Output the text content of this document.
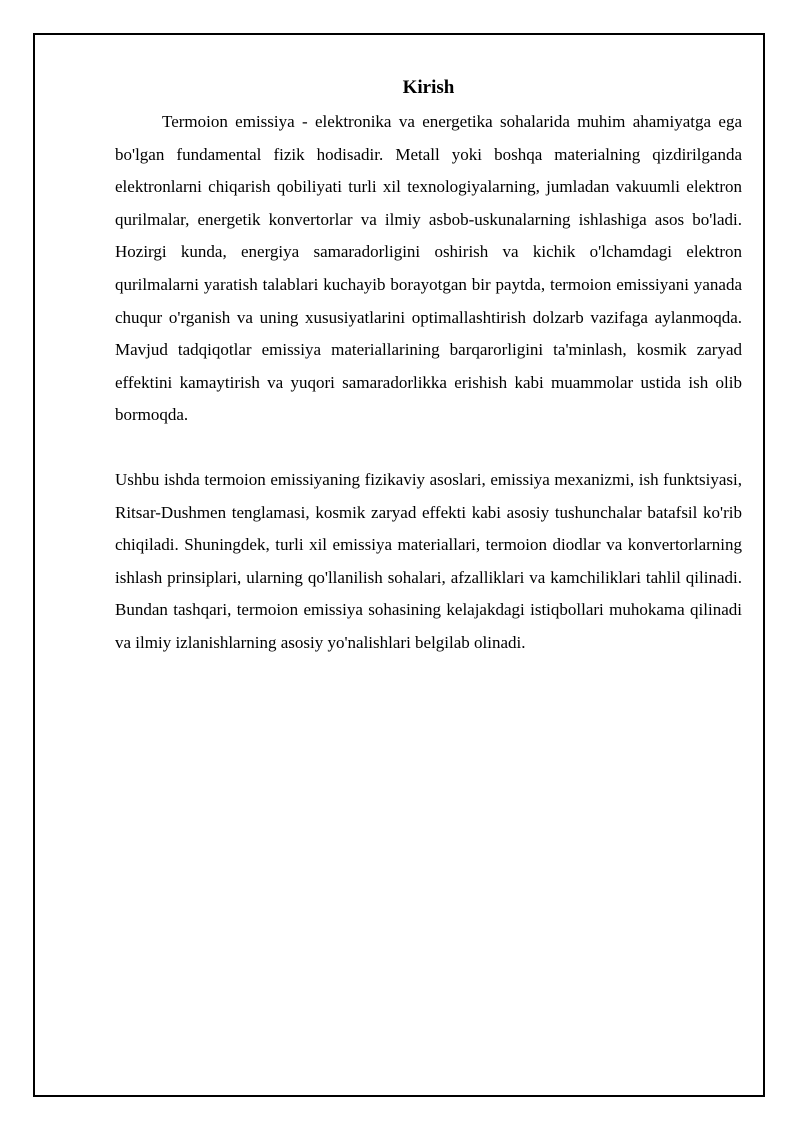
Kirish

Termoion emissiya - elektronika va energetika sohalarida muhim ahamiyatga ega bo'lgan fundamental fizik hodisadir. Metall yoki boshqa materialning qizdirilganda elektronlarni chiqarish qobiliyati turli xil texnologiyalarning, jumladan vakuumli elektron qurilmalar, energetik konvertorlar va ilmiy asbob-uskunalarning ishlashiga asos bo'ladi. Hozirgi kunda, energiya samaradorligini oshirish va kichik o'lchamdagi elektron qurilmalarni yaratish talablari kuchayib borayotgan bir paytda, termoion emissiyani yanada chuqur o'rganish va uning xususiyatlarini optimallashtirish dolzarb vazifaga aylanmoqda. Mavjud tadqiqotlar emissiya materiallarining barqarorligini ta'minlash, kosmik zaryad effektini kamaytirish va yuqori samaradorlikka erishish kabi muammolar ustida ish olib bormoqda.

Ushbu ishda termoion emissiyaning fizikaviy asoslari, emissiya mexanizmi, ish funktsiyasi, Ritsar-Dushmen tenglamasi, kosmik zaryad effekti kabi asosiy tushunchalar batafsil ko'rib chiqiladi. Shuningdek, turli xil emissiya materiallari, termoion diodlar va konvertorlarning ishlash prinsiplari, ularning qo'llanilish sohalari, afzalliklari va kamchiliklari tahlil qilinadi. Bundan tashqari, termoion emissiya sohasining kelajakdagi istiqbollari muhokama qilinadi va ilmiy izlanishlarning asosiy yo'nalishlari belgilab olinadi.
